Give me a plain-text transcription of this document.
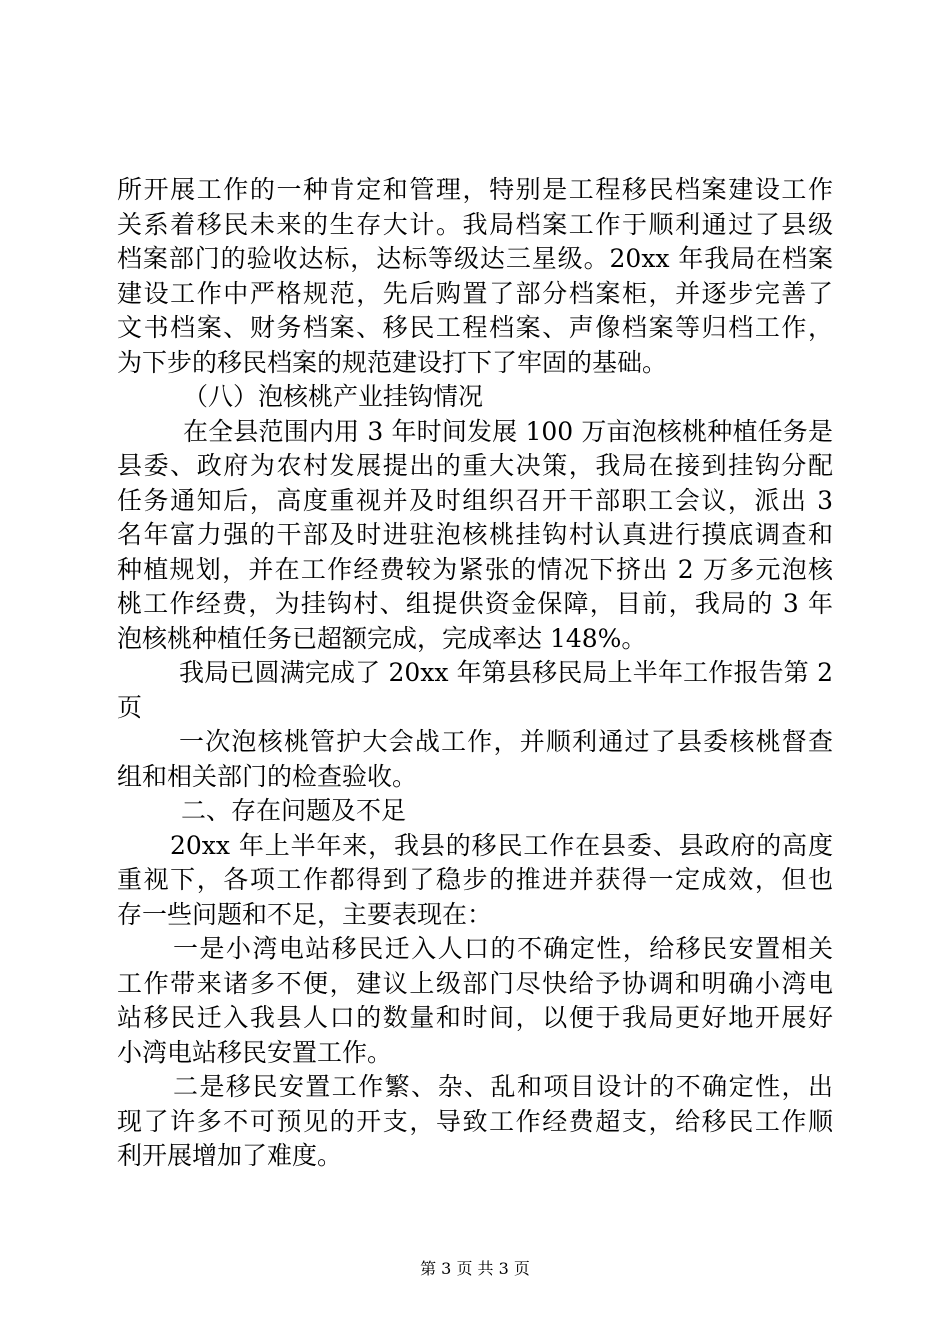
所开展工作的一种肯定和管理，特别是工程移民档案建设工作
关系着移民未来的生存大计。我局档案工作于顺利通过了县级
档案部门的验收达标，达标等级达三星级。20xx 年我局在档案
建设工作中严格规范，先后购置了部分档案柜，并逐步完善了
文书档案、财务档案、移民工程档案、声像档案等归档工作，
为下步的移民档案的规范建设打下了牢固的基础。
（八）泡核桃产业挂钩情况
在全县范围内用 3 年时间发展 100 万亩泡核桃种植任务是
县委、政府为农村发展提出的重大决策，我局在接到挂钩分配
任务通知后，高度重视并及时组织召开干部职工会议，派出 3
名年富力强的干部及时进驻泡核桃挂钩村认真进行摸底调查和
种植规划，并在工作经费较为紧张的情况下挤出 2 万多元泡核
桃工作经费，为挂钩村、组提供资金保障，目前，我局的 3 年
泡核桃种植任务已超额完成，完成率达 148%。
我局已圆满完成了 20xx 年第县移民局上半年工作报告第 2
页
一次泡核桃管护大会战工作，并顺利通过了县委核桃督查
组和相关部门的检查验收。
二、存在问题及不足
20xx 年上半年来，我县的移民工作在县委、县政府的高度
重视下，各项工作都得到了稳步的推进并获得一定成效，但也
存一些问题和不足，主要表现在：
一是小湾电站移民迁入人口的不确定性，给移民安置相关
工作带来诸多不便，建议上级部门尽快给予协调和明确小湾电
站移民迁入我县人口的数量和时间，以便于我局更好地开展好
小湾电站移民安置工作。
二是移民安置工作繁、杂、乱和项目设计的不确定性，出
现了许多不可预见的开支，导致工作经费超支，给移民工作顺
利开展增加了难度。
第 3 页 共 3 页
